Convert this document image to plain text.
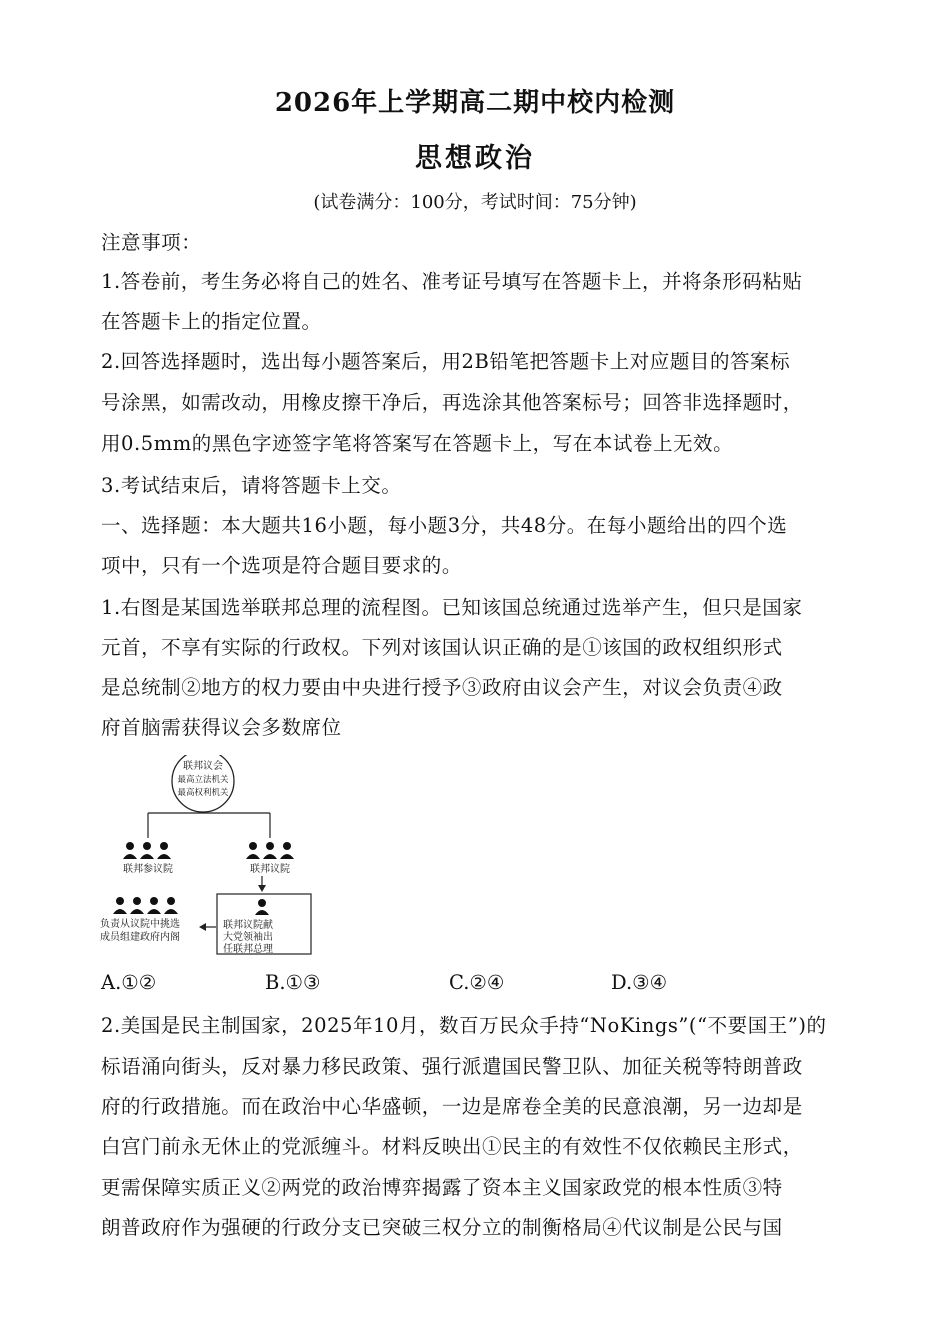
2026年上学期高二期中校内检测
思想政治
(试卷满分：100分，考试时间：75分钟)
注意事项：
1.答卷前，考生务必将自己的姓名、准考证号填写在答题卡上，并将条形码粘贴
在答题卡上的指定位置。
2.回答选择题时，选出每小题答案后，用2B铅笔把答题卡上对应题目的答案标
号涂黑，如需改动，用橡皮擦干净后，再选涂其他答案标号；回答非选择题时，
用0.5mm的黑色字迹签字笔将答案写在答题卡上，写在本试卷上无效。
3.考试结束后，请将答题卡上交。
一、选择题：本大题共16小题，每小题3分，共48分。在每小题给出的四个选
项中，只有一个选项是符合题目要求的。
1.右图是某国选举联邦总理的流程图。已知该国总统通过选举产生，但只是国家
元首，不享有实际的行政权。下列对该国认识正确的是①该国的政权组织形式
是总统制②地方的权力要由中央进行授予③政府由议会产生，对议会负责④政
府首脑需获得议会多数席位
联邦议会
最高立法机关
最高权利机关
联邦参议院	联邦议院
联邦议院献
大党领袖出
任联邦总理
负责从议院中挑选
成员组建政府内阁
A.①②	B.①③	C.②④	D.③④
2.美国是民主制国家，2025年10月，数百万民众手持“NoKings”(“不要国王”)的
标语涌向街头，反对暴力移民政策、强行派遣国民警卫队、加征关税等特朗普政
府的行政措施。而在政治中心华盛顿，一边是席卷全美的民意浪潮，另一边却是
白宫门前永无休止的党派缠斗。材料反映出①民主的有效性不仅依赖民主形式，
更需保障实质正义②两党的政治博弈揭露了资本主义国家政党的根本性质③特
朗普政府作为强硬的行政分支已突破三权分立的制衡格局④代议制是公民与国
